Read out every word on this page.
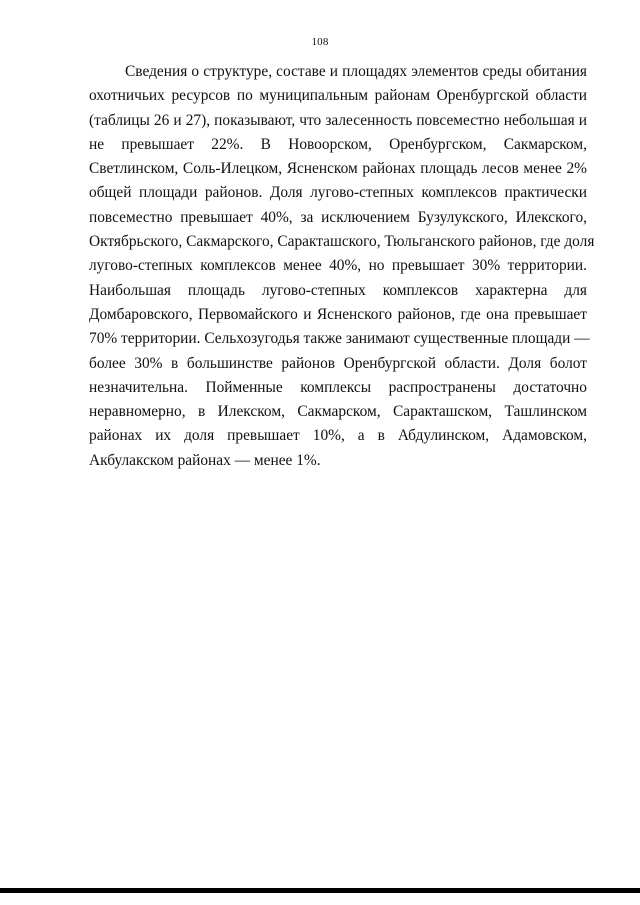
108
Сведения о структуре, составе и площадях элементов среды обитания
охотничьих ресурсов по муниципальным районам Оренбургской области
(таблицы 26 и 27), показывают, что залесенность повсеместно небольшая и
не превышает 22%. В Новоорском, Оренбургском, Сакмарском,
Светлинском, Соль-Илецком, Ясненском районах площадь лесов менее 2%
общей площади районов. Доля лугово-степных комплексов практически
повсеместно превышает 40%, за исключением Бузулукского, Илекского,
Октябрьского, Сакмарского, Саракташского, Тюльганского районов, где доля
лугово-степных комплексов менее 40%, но превышает 30% территории.
Наибольшая площадь лугово-степных комплексов характерна для
Домбаровского, Первомайского и Ясненского районов, где она превышает
70% территории. Сельхозугодья также занимают существенные площади —
более 30% в большинстве районов Оренбургской области. Доля болот
незначительна. Пойменные комплексы распространены достаточно
неравномерно, в Илекском, Сакмарском, Саракташском, Ташлинском
районах их доля превышает 10%, а в Абдулинском, Адамовском,
Акбулакском районах — менее 1%.
